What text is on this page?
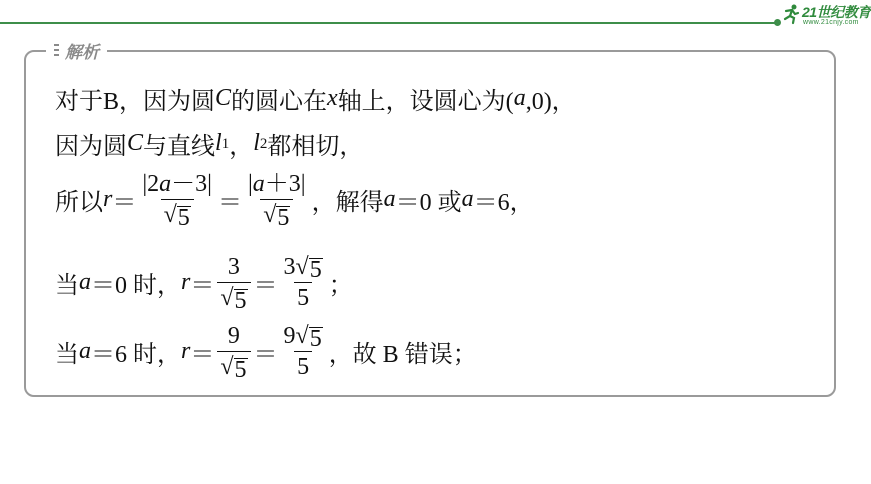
21世纪教育
www.21cnjy.com
解析
对于B，因为圆 C 的圆心在 x 轴上，设圆心为( a ,0)，
因为圆 C 与直线 l 1 ， l 2 都相切，
所以 $r = \frac{|2a-3|}{√ 5} = \frac{|a+3|}{√ 5}$ ，解得 a ＝0 或 a ＝6，
当 a ＝0 时， $r = \frac{3}{√ 5} = \frac{3 √ 5}{5}$ ；
当 a ＝6 时， $r = \frac{9}{√ 5} = \frac{9 √ 5}{5}$ ，故 B 错误；
